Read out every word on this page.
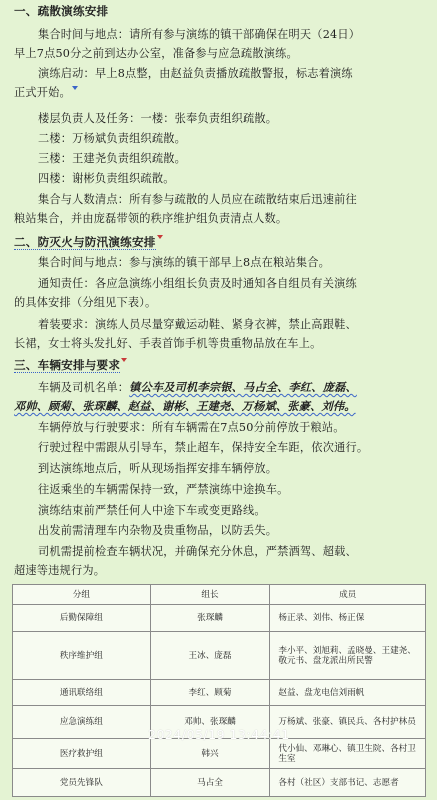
一、疏散演练安排
集合时间与地点：请所有参与演练的镇干部确保在明天（24日）
早上7点50分之前到达办公室，准备参与应急疏散演练。
演练启动：早上8点整，由赵益负责播放疏散警报，标志着演练
正式开始。
楼层负责人及任务：一楼：张奉负责组织疏散。
二楼：万杨斌负责组织疏散。
三楼：王建尧负责组织疏散。
四楼：谢彬负责组织疏散。
集合与人数清点：所有参与疏散的人员应在疏散结束后迅速前往
粮站集合，并由庞磊带领的秩序维护组负责清点人数。
二、防灭火与防汛演练安排
集合时间与地点：参与演练的镇干部早上8点在粮站集合。
通知责任：各应急演练小组组长负责及时通知各自组员有关演练
的具体安排（分组见下表）。
着装要求：演练人员尽量穿戴运动鞋、紧身衣裤，禁止高跟鞋、
长裙，女士将头发扎好、手表首饰手机等贵重物品放在车上。
三、车辆安排与要求
车辆及司机名单：镇公车及司机李宗银、马占全、李红、庞磊、
邓帅、顾菊、张琛麟、赵益、谢彬、王建尧、万杨斌、张豪、刘伟。
车辆停放与行驶要求：所有车辆需在7点50分前停放于粮站。
行驶过程中需跟从引导车，禁止超车，保持安全车距，依次通行。
到达演练地点后，听从现场指挥安排车辆停放。
往返乘坐的车辆需保持一致，严禁演练中途换车。
演练结束前严禁任何人中途下车或变更路线。
出发前需清理车内杂物及贵重物品，以防丢失。
司机需提前检查车辆状况，并确保充分休息，严禁酒驾、超载、
超速等违规行为。
分组	组长	成员
后勤保障组	张琛麟	杨正录、刘伟、杨正保
秩序维护组	王冰、庞磊	李小平、刘旭莉、孟晓曼、王建尧、敬元书、盘龙派出所民警
通讯联络组	李红、顾菊	赵益、盘龙电信刘雨帆
应急演练组	邓帅、张琛麟	万杨斌、张豪、镇民兵、各村护林员
医疗救护组	韩兴	代小仙、邓琳心、镇卫生院、各村卫生室
党员先锋队	马占全	各村（社区）支部书记、志愿者
2024/05/19 13:44:41
